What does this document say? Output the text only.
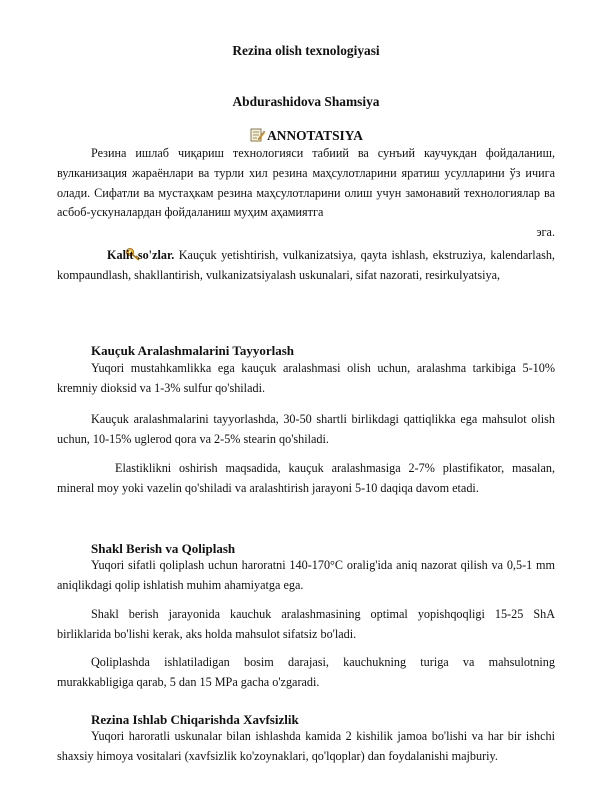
Rezina olish texnologiyasi
Abdurashidova Shamsiya
ANNOTATSIYA

Резина ишлаб чиқариш технологияси табиий ва сунъий каучукдан фойдаланиш, вулканизация жараёнлари ва турли хил резина маҳсулотларини яратиш усулларини ўз ичига олади. Сифатли ва мустаҳкам резина маҳсулотларини олиш учун замонавий технологиялар ва асбоб-ускуналардан фойдаланиш муҳим аҳамиятга
эга.

Kalit so'zlar. Kauçuk yetishtirish, vulkanizatsiya, qayta ishlash, ekstruziya, kalendarlash, kompaundlash, shakllantirish, vulkanizatsiyalash uskunalari, sifat nazorati, resirkulyatsiya,

Kauçuk Aralashmalarini Tayyorlash

Yuqori mustahkamlikka ega kauçuk aralashmasi olish uchun, aralashma tarkibiga 5-10% kremniy dioksid va 1-3% sulfur qo'shiladi.

Kauçuk aralashmalarini tayyorlashda, 30-50 shartli birlikdagi qattiqlikka ega mahsulot olish uchun, 10-15% uglerod qora va 2-5% stearin qo'shiladi.

Elastiklikni oshirish maqsadida, kauçuk aralashmasiga 2-7% plastifikator, masalan, mineral moy yoki vazelin qo'shiladi va aralashtirish jarayoni 5-10 daqiqa davom etadi.

Shakl Berish va Qoliplash

Yuqori sifatli qoliplash uchun haroratni 140-170°C oralig'ida aniq nazorat qilish va 0,5-1 mm aniqlikdagi qolip ishlatish muhim ahamiyatga ega.

Shakl berish jarayonida kauchuk aralashmasining optimal yopishqoqligi 15-25 ShA birliklarida bo'lishi kerak, aks holda mahsulot sifatsiz bo'ladi.

Qoliplashda ishlatiladigan bosim darajasi, kauchukning turiga va mahsulotning murakkabligiga qarab, 5 dan 15 MPa gacha o'zgaradi.

Rezina Ishlab Chiqarishda Xavfsizlik

Yuqori haroratli uskunalar bilan ishlashda kamida 2 kishilik jamoa bo'lishi va har bir ishchi shaxsiy himoya vositalari (xavfsizlik ko'zoynaklari, qo'lqoplar) dan foydalanishi majburiy.
